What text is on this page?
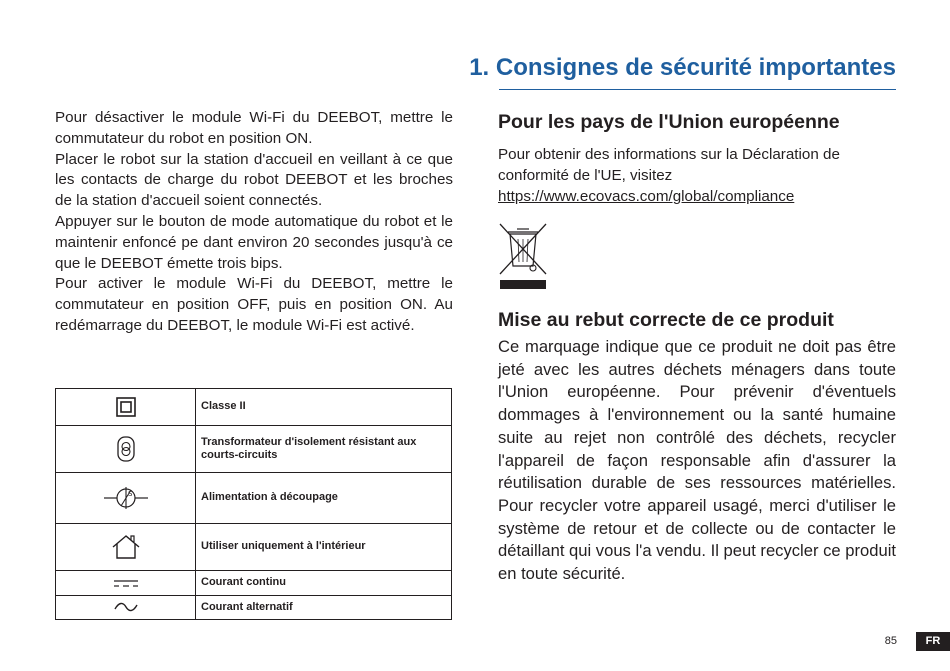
1. Consignes de sécurité importantes

Pour désactiver le module Wi-Fi du DEEBOT, mettre le commutateur du robot en position ON.

Placer le robot sur la station d'accueil en veillant à ce que les contacts de charge du robot DEEBOT et les broches de la station d'accueil soient connectés.

Appuyer sur le bouton de mode automatique du robot et le maintenir enfoncé pe dant environ 20 secondes jusqu'à ce que le DEEBOT émette trois bips.

Pour activer le module Wi-Fi du DEEBOT, mettre le commutateur en position OFF, puis en position ON. Au redémarrage du DEEBOT, le module Wi-Fi est activé.

	Classe II

	Transformateur d'isolement résistant aux courts-circuits

S	Alimentation à découpage

	Utiliser uniquement à l'intérieur

	Courant continu

	Courant alternatif
Pour les pays de l'Union européenne

Pour obtenir des informations sur la Déclaration de conformité de l'UE, visitez

https://www.ecovacs.com/global/compliance
Mise au rebut correcte de ce produit

Ce marquage indique que ce produit ne doit pas être jeté avec les autres déchets ménagers dans toute l'Union européenne. Pour prévenir d'éventuels dommages à l'environnement ou la santé humaine suite au rejet non contrôlé des déchets, recycler l'appareil de façon responsable afin d'assurer la réutilisation durable de ses ressources matérielles. Pour recycler votre appareil usagé, merci d'utiliser le système de retour et de collecte ou de contacter le détaillant qui vous l'a vendu. Il peut recycler ce produit en toute sécurité.

85	FR
